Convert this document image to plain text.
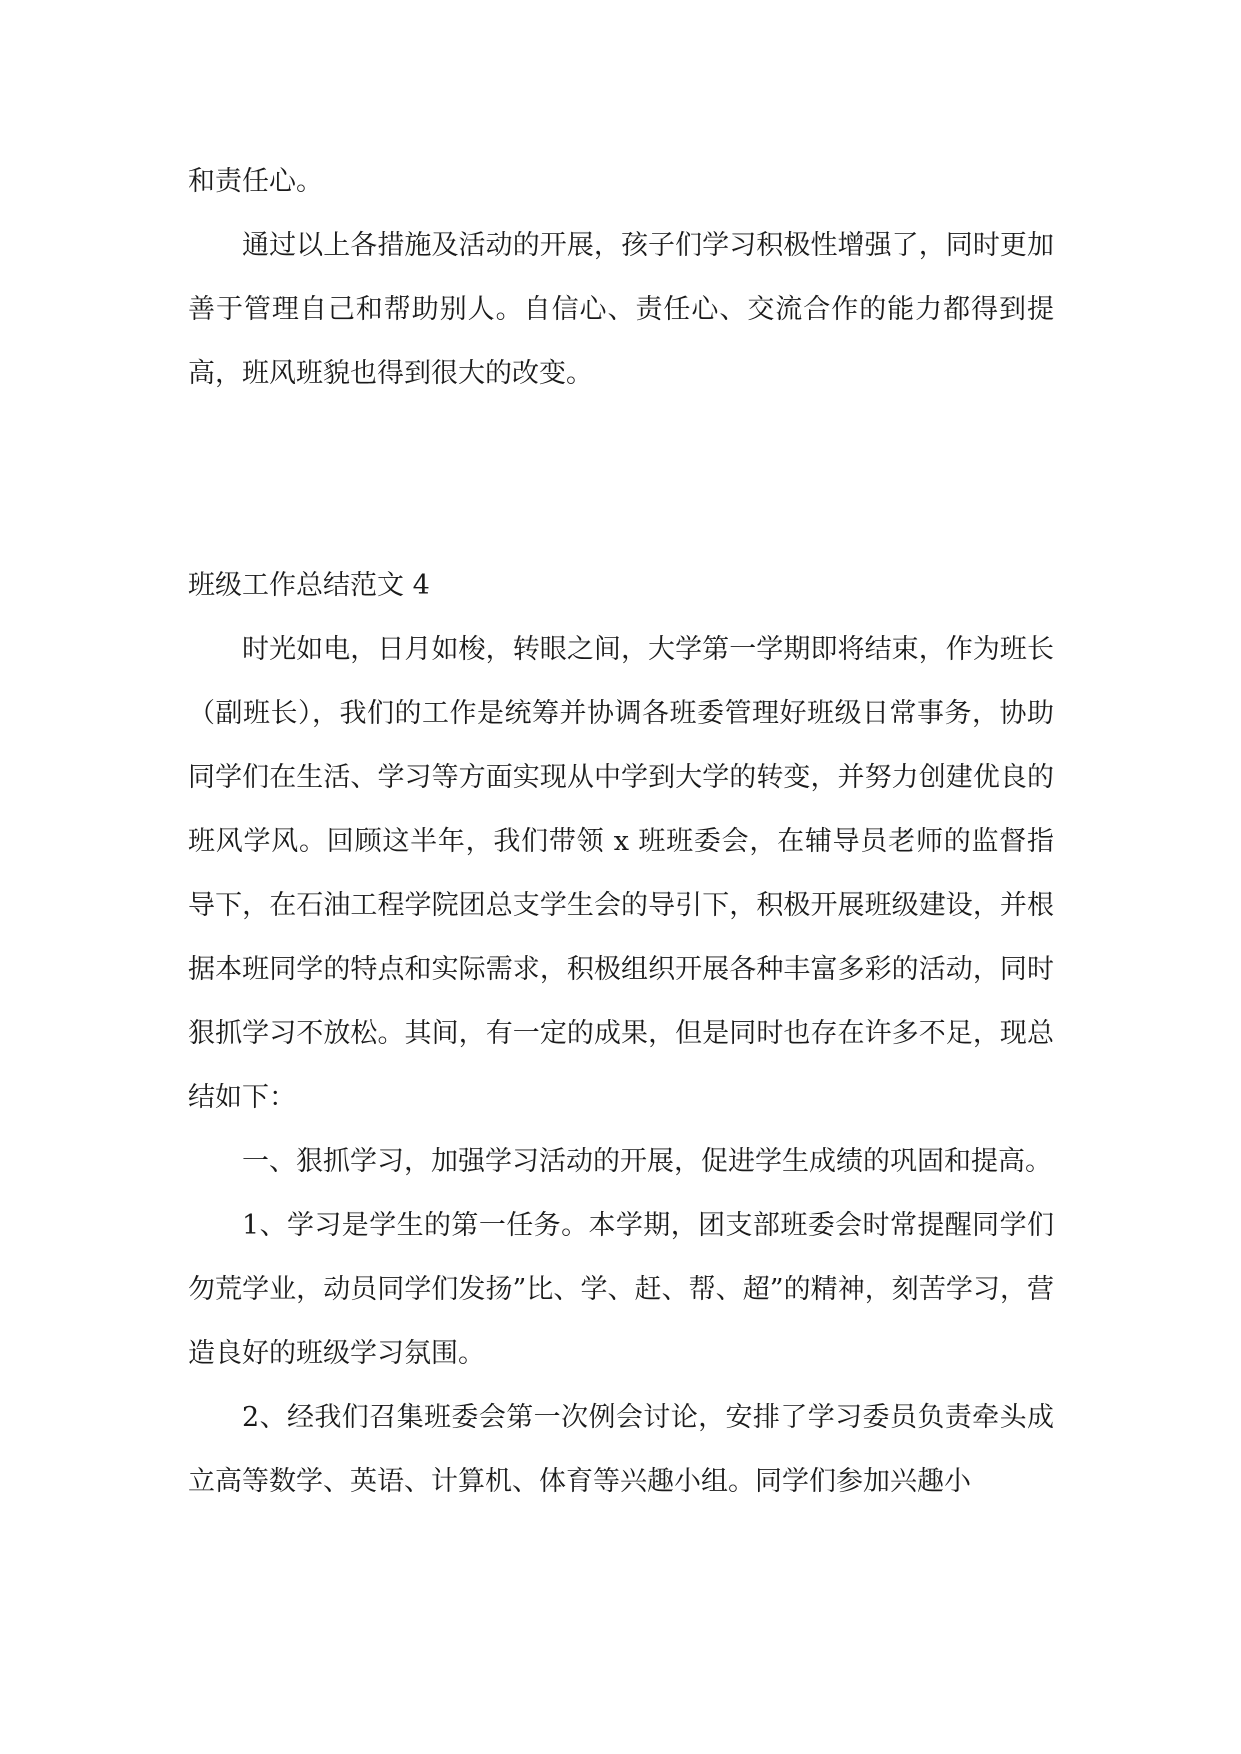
和责任心。

通过以上各措施及活动的开展，孩子们学习积极性增强了，同时更加善于管理自己和帮助别人。自信心、责任心、交流合作的能力都得到提高，班风班貌也得到很大的改变。

班级工作总结范文 4

时光如电，日月如梭，转眼之间，大学第一学期即将结束，作为班长（副班长），我们的工作是统筹并协调各班委管理好班级日常事务，协助同学们在生活、学习等方面实现从中学到大学的转变，并努力创建优良的班风学风。回顾这半年，我们带领 x 班班委会，在辅导员老师的监督指导下，在石油工程学院团总支学生会的导引下，积极开展班级建设，并根据本班同学的特点和实际需求，积极组织开展各种丰富多彩的活动，同时狠抓学习不放松。其间，有一定的成果，但是同时也存在许多不足，现总结如下：

一、狠抓学习，加强学习活动的开展，促进学生成绩的巩固和提高。

1、学习是学生的第一任务。本学期，团支部班委会时常提醒同学们勿荒学业，动员同学们发扬”比、学、赶、帮、超”的精神，刻苦学习，营造良好的班级学习氛围。

2、经我们召集班委会第一次例会讨论，安排了学习委员负责牵头成立高等数学、英语、计算机、体育等兴趣小组。同学们参加兴趣小
